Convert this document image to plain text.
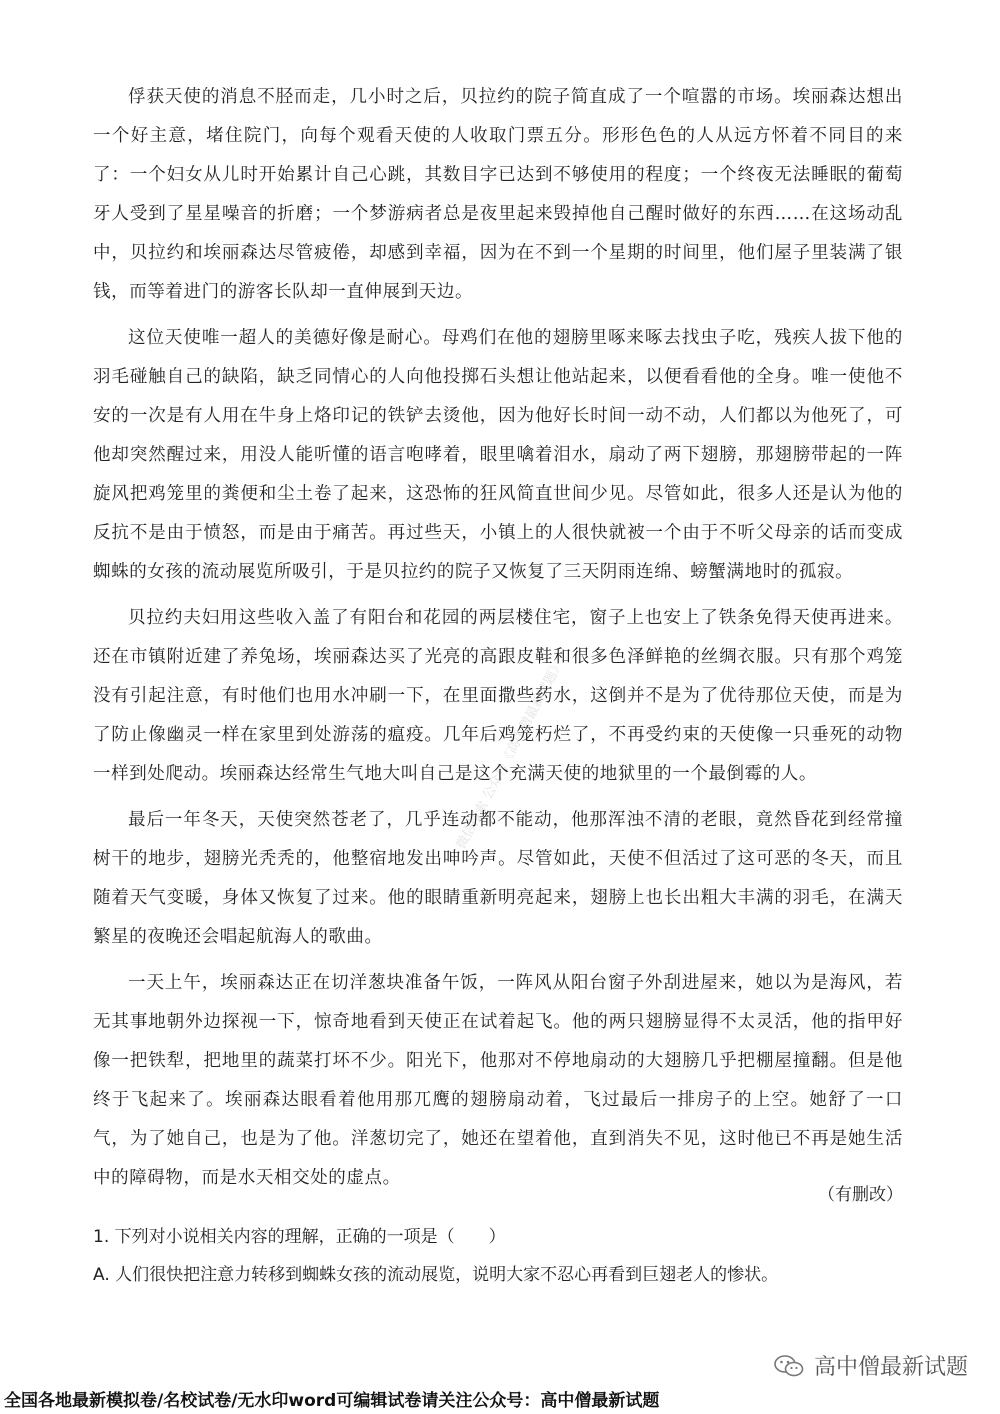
微信搜索 公众号《高中僧最新试题》

俘获天使的消息不胫而走，几小时之后，贝拉约的院子简直成了一个喧嚣的市场。埃丽森达想出一个好主意，堵住院门，向每个观看天使的人收取门票五分。形形色色的人从远方怀着不同目的来了：一个妇女从儿时开始累计自己心跳，其数目字已达到不够使用的程度；一个终夜无法睡眠的葡萄牙人受到了星星噪音的折磨；一个梦游病者总是夜里起来毁掉他自己醒时做好的东西……在这场动乱中，贝拉约和埃丽森达尽管疲倦，却感到幸福，因为在不到一个星期的时间里，他们屋子里装满了银钱，而等着进门的游客长队却一直伸展到天边。

这位天使唯一超人的美德好像是耐心。母鸡们在他的翅膀里啄来啄去找虫子吃，残疾人拔下他的羽毛碰触自己的缺陷，缺乏同情心的人向他投掷石头想让他站起来，以便看看他的全身。唯一使他不安的一次是有人用在牛身上烙印记的铁铲去烫他，因为他好长时间一动不动，人们都以为他死了，可他却突然醒过来，用没人能听懂的语言咆哮着，眼里噙着泪水，扇动了两下翅膀，那翅膀带起的一阵旋风把鸡笼里的粪便和尘土卷了起来，这恐怖的狂风简直世间少见。尽管如此，很多人还是认为他的反抗不是由于愤怒，而是由于痛苦。再过些天，小镇上的人很快就被一个由于不听父母亲的话而变成蜘蛛的女孩的流动展览所吸引，于是贝拉约的院子又恢复了三天阴雨连绵、螃蟹满地时的孤寂。

贝拉约夫妇用这些收入盖了有阳台和花园的两层楼住宅，窗子上也安上了铁条免得天使再进来。还在市镇附近建了养兔场，埃丽森达买了光亮的高跟皮鞋和很多色泽鲜艳的丝绸衣服。只有那个鸡笼没有引起注意，有时他们也用水冲刷一下，在里面撒些药水，这倒并不是为了优待那位天使，而是为了防止像幽灵一样在家里到处游荡的瘟疫。几年后鸡笼朽烂了，不再受约束的天使像一只垂死的动物一样到处爬动。埃丽森达经常生气地大叫自己是这个充满天使的地狱里的一个最倒霉的人。

最后一年冬天，天使突然苍老了，几乎连动都不能动，他那浑浊不清的老眼，竟然昏花到经常撞树干的地步，翅膀光秃秃的，他整宿地发出呻吟声。尽管如此，天使不但活过了这可恶的冬天，而且随着天气变暖，身体又恢复了过来。他的眼睛重新明亮起来，翅膀上也长出粗大丰满的羽毛，在满天繁星的夜晚还会唱起航海人的歌曲。

一天上午，埃丽森达正在切洋葱块准备午饭，一阵风从阳台窗子外刮进屋来，她以为是海风，若无其事地朝外边探视一下，惊奇地看到天使正在试着起飞。他的两只翅膀显得不太灵活，他的指甲好像一把铁犁，把地里的蔬菜打坏不少。阳光下，他那对不停地扇动的大翅膀几乎把棚屋撞翻。但是他终于飞起来了。埃丽森达眼看着他用那兀鹰的翅膀扇动着，飞过最后一排房子的上空。她舒了一口气，为了她自己，也是为了他。洋葱切完了，她还在望着他，直到消失不见，这时他已不再是她生活中的障碍物，而是水天相交处的虚点。

（有删改）
1. 下列对小说相关内容的理解，正确的一项是（　　）
A. 人们很快把注意力转移到蜘蛛女孩的流动展览，说明大家不忍心再看到巨翅老人的惨状。
高中僧最新试题
全国各地最新模拟卷/名校试卷/无水印word可编辑试卷请关注公众号：高中僧最新试题
